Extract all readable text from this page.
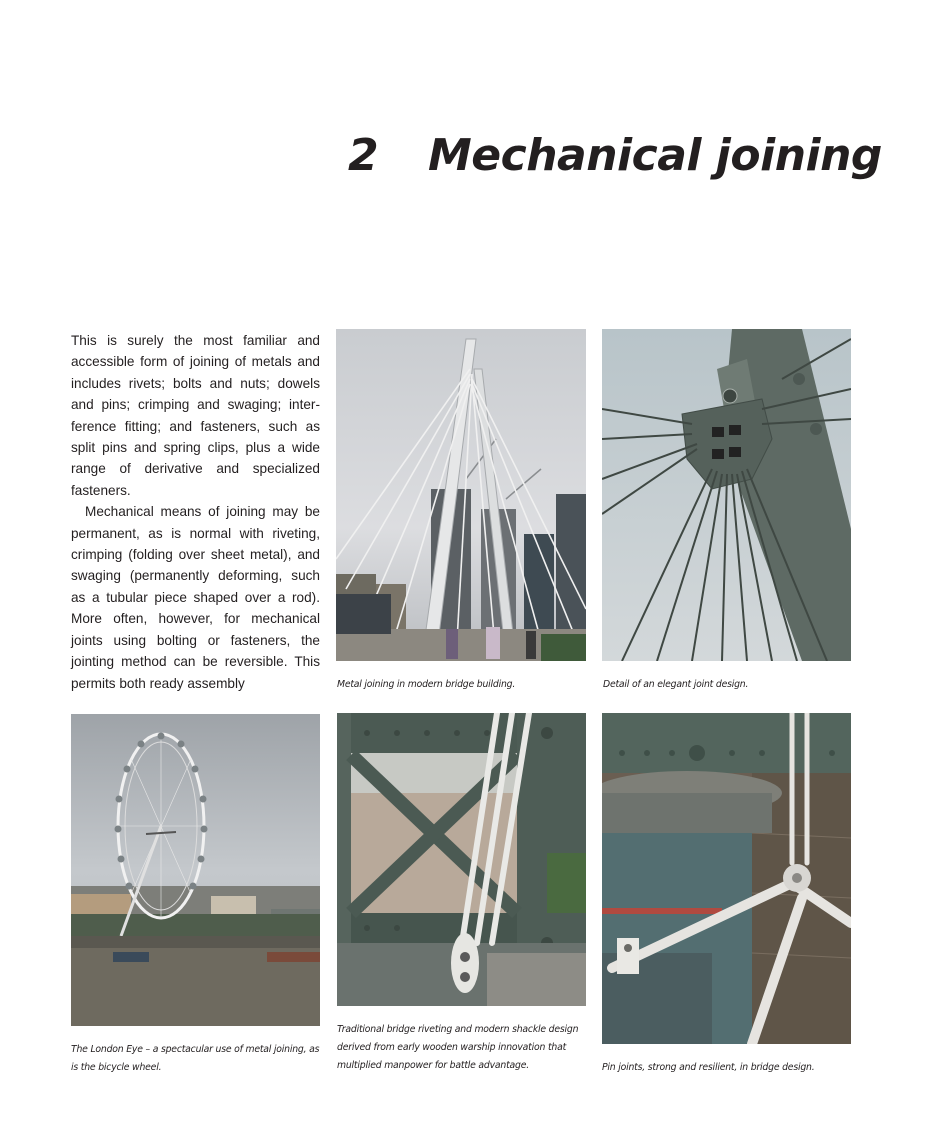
2 Mechanical joining

This is surely the most familiar and accessible form of joining of metals and includes rivets; bolts and nuts; dowels and pins; crimping and swaging; interference fitting; and fasteners, such as split pins and spring clips, plus a wide range of derivative and specialized fasteners.

Mechanical means of joining may be permanent, as is normal with riveting, crimping (folding over sheet metal), and swaging (permanently deforming, such as a tubular piece shaped over a rod). More often, however, for mechanical joints using bolting or fasteners, the jointing method can be reversible. This permits both ready assembly	Metal joining in modern bridge building.	Detail of an elegant joint design.
The London Eye – a spectacular use of metal joining, as is the bicycle wheel.
Traditional bridge riveting and modern shackle design derived from early wooden warship innovation that multiplied manpower for battle advantage.	Pin joints, strong and resilient, in bridge design.
